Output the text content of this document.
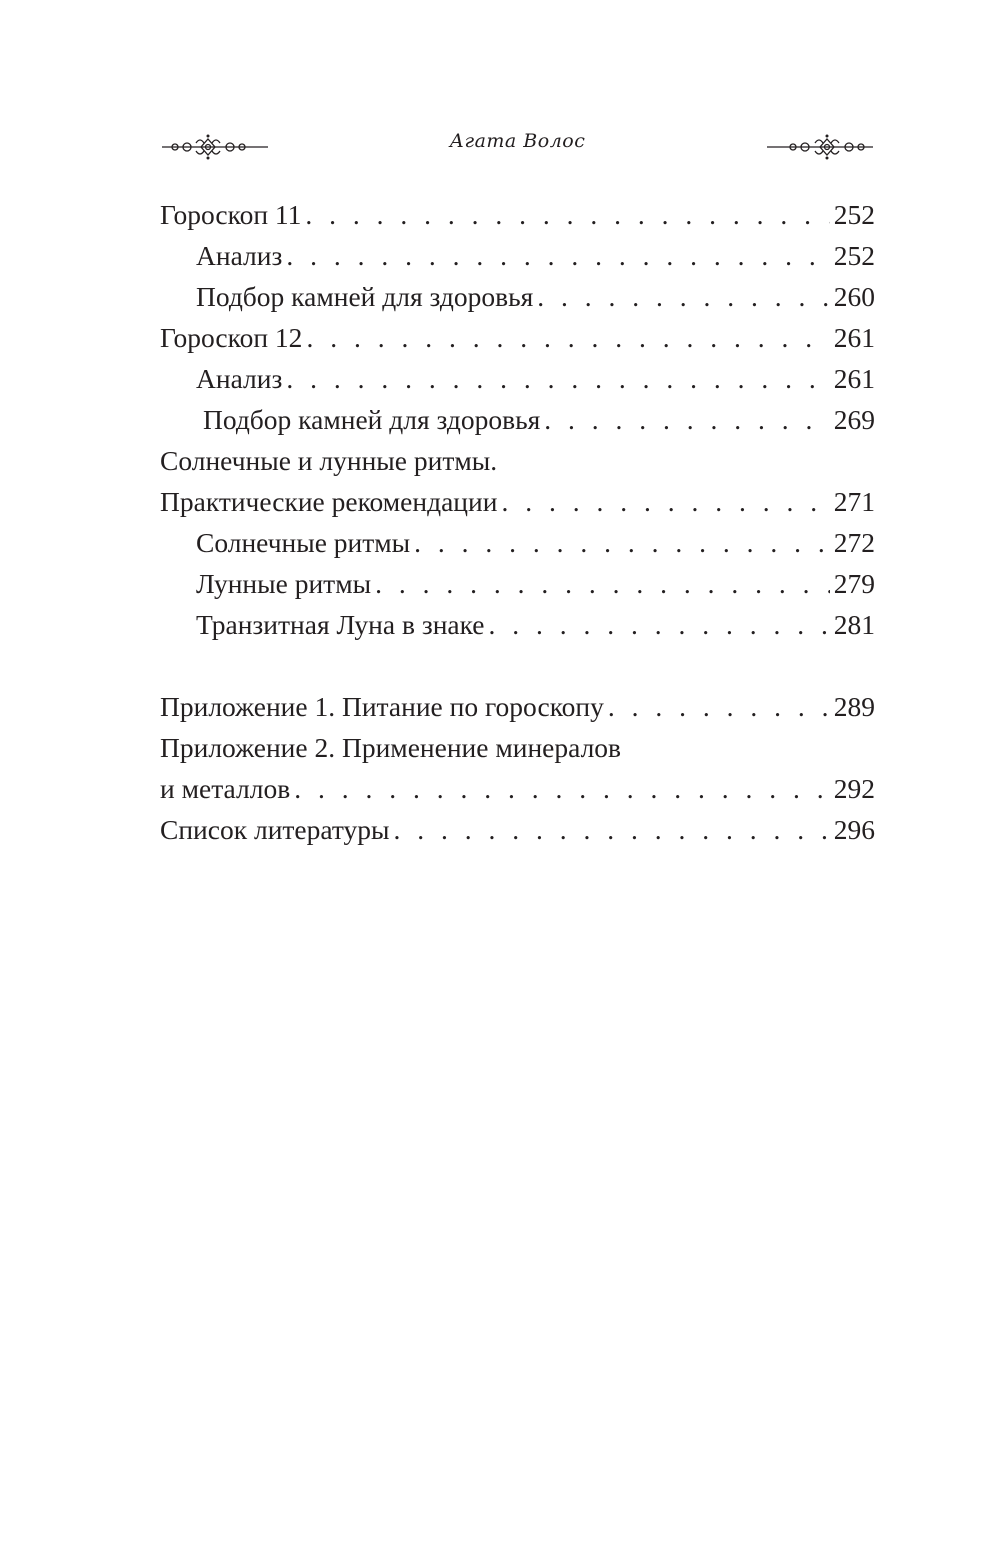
Агата Волос
Гороскоп 11 . . .	252
Анализ . . .	252
Подбор камней для здоровья . . .	260
Гороскоп 12 . . .	261
Анализ . . .	261
Подбор камней для здоровья . . .	269
Солнечные и лунные ритмы.
Практические рекомендации . . .	271
Солнечные ритмы . . .	272
Лунные ритмы . . .	279
Транзитная Луна в знаке . . .	281
Приложение 1. Питание по гороскопу . . .	289
Приложение 2. Применение минералов
и металлов . . .	292
Список литературы . . .	296
